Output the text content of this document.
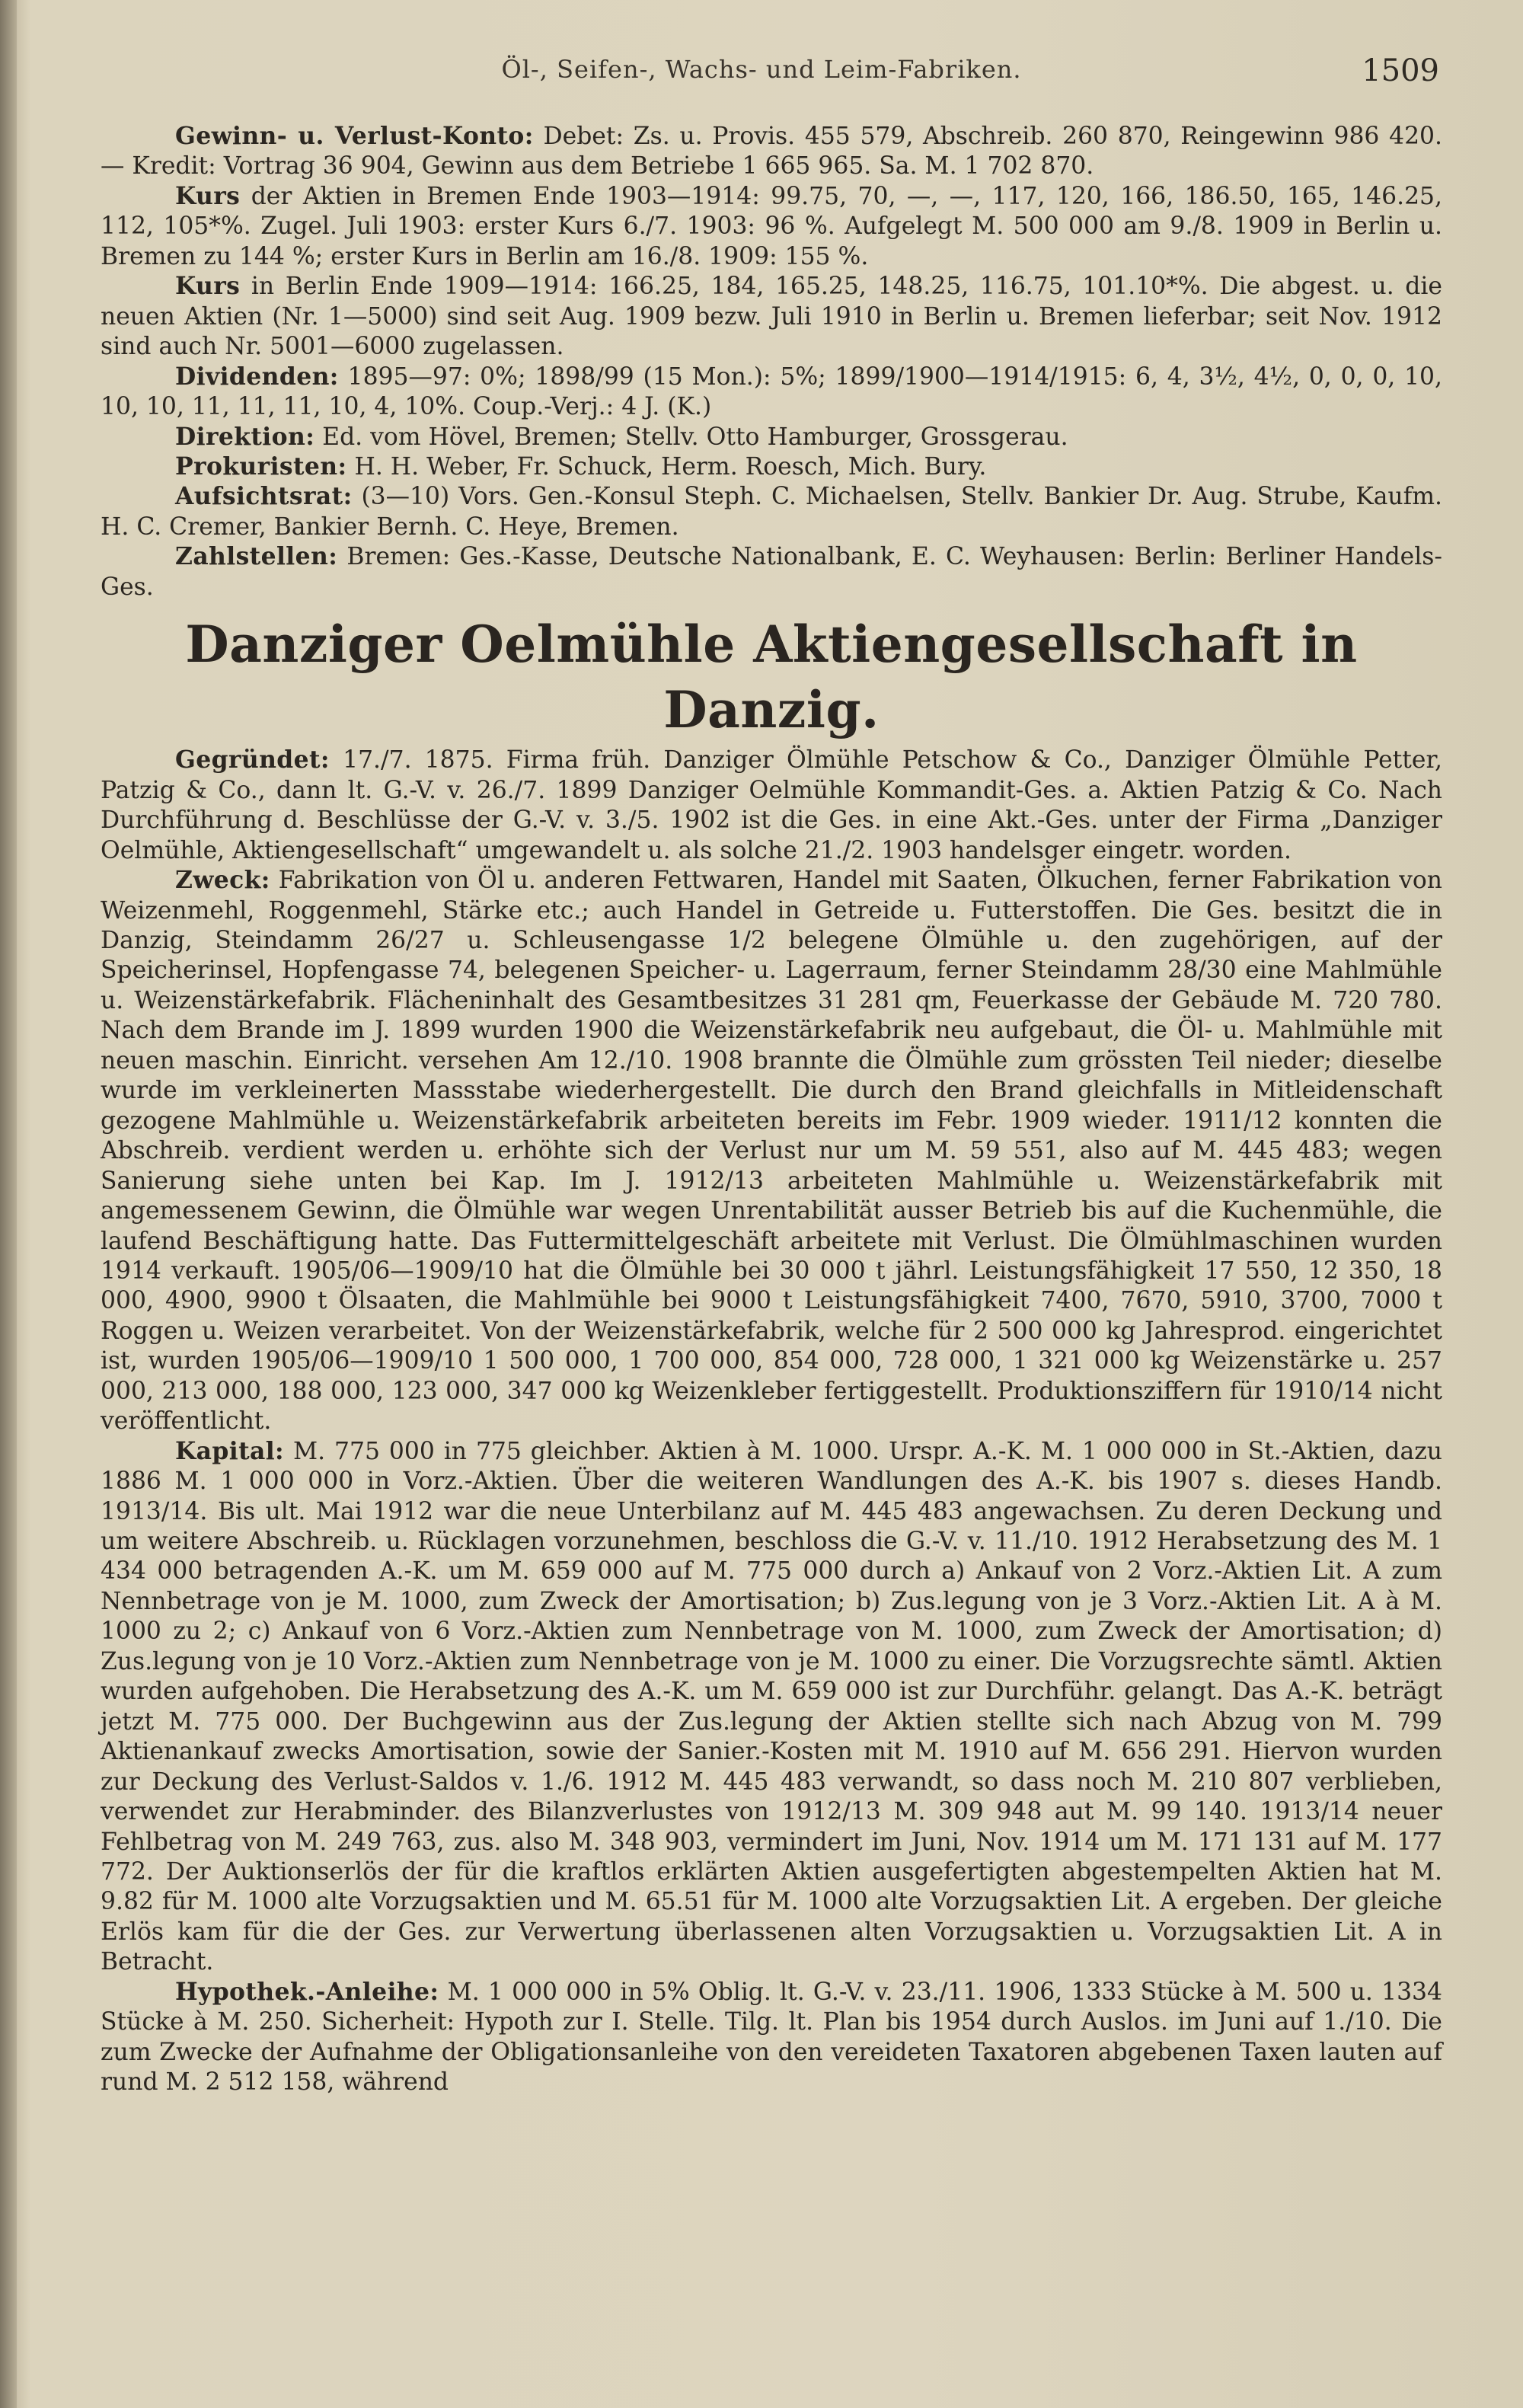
Öl-, Seifen-, Wachs- und Leim-Fabriken.	1509

Gewinn- u. Verlust-Konto: Debet: Zs. u. Provis. 455 579, Abschreib. 260 870, Reingewinn 986 420. — Kredit: Vortrag 36 904, Gewinn aus dem Betriebe 1 665 965. Sa. M. 1 702 870.

Kurs der Aktien in Bremen Ende 1903—1914: 99.75, 70, —, —, 117, 120, 166, 186.50, 165, 146.25, 112, 105*%. Zugel. Juli 1903: erster Kurs 6./7. 1903: 96 %. Aufgelegt M. 500 000 am 9./8. 1909 in Berlin u. Bremen zu 144 %; erster Kurs in Berlin am 16./8. 1909: 155 %.

Kurs in Berlin Ende 1909—1914: 166.25, 184, 165.25, 148.25, 116.75, 101.10*%. Die abgest. u. die neuen Aktien (Nr. 1—5000) sind seit Aug. 1909 bezw. Juli 1910 in Berlin u. Bremen lieferbar; seit Nov. 1912 sind auch Nr. 5001—6000 zugelassen.

Dividenden: 1895—97: 0%; 1898/99 (15 Mon.): 5%; 1899/1900—1914/1915: 6, 4, 3½, 4½, 0, 0, 0, 10, 10, 10, 11, 11, 11, 10, 4, 10%. Coup.-Verj.: 4 J. (K.)

Direktion: Ed. vom Hövel, Bremen; Stellv. Otto Hamburger, Grossgerau.

Prokuristen: H. H. Weber, Fr. Schuck, Herm. Roesch, Mich. Bury.

Aufsichtsrat: (3—10) Vors. Gen.-Konsul Steph. C. Michaelsen, Stellv. Bankier Dr. Aug. Strube, Kaufm. H. C. Cremer, Bankier Bernh. C. Heye, Bremen.

Zahlstellen: Bremen: Ges.-Kasse, Deutsche Nationalbank, E. C. Weyhausen: Berlin: Berliner Handels-Ges.

Danziger Oelmühle Aktiengesellschaft in Danzig.

Gegründet: 17./7. 1875. Firma früh. Danziger Ölmühle Petschow & Co., Danziger Ölmühle Petter, Patzig & Co., dann lt. G.-V. v. 26./7. 1899 Danziger Oelmühle Kommandit-Ges. a. Aktien Patzig & Co. Nach Durchführung d. Beschlüsse der G.-V. v. 3./5. 1902 ist die Ges. in eine Akt.-Ges. unter der Firma „Danziger Oelmühle, Aktiengesellschaft“ umgewandelt u. als solche 21./2. 1903 handelsger eingetr. worden.

Zweck: Fabrikation von Öl u. anderen Fettwaren, Handel mit Saaten, Ölkuchen, ferner Fabrikation von Weizenmehl, Roggenmehl, Stärke etc.; auch Handel in Getreide u. Futterstoffen. Die Ges. besitzt die in Danzig, Steindamm 26/27 u. Schleusengasse 1/2 belegene Ölmühle u. den zugehörigen, auf der Speicherinsel, Hopfengasse 74, belegenen Speicher- u. Lagerraum, ferner Steindamm 28/30 eine Mahlmühle u. Weizenstärkefabrik. Flächeninhalt des Gesamtbesitzes 31 281 qm, Feuerkasse der Gebäude M. 720 780. Nach dem Brande im J. 1899 wurden 1900 die Weizenstärkefabrik neu aufgebaut, die Öl- u. Mahlmühle mit neuen maschin. Einricht. versehen Am 12./10. 1908 brannte die Ölmühle zum grössten Teil nieder; dieselbe wurde im verkleinerten Massstabe wiederhergestellt. Die durch den Brand gleichfalls in Mitleidenschaft gezogene Mahlmühle u. Weizenstärkefabrik arbeiteten bereits im Febr. 1909 wieder. 1911/12 konnten die Abschreib. verdient werden u. erhöhte sich der Verlust nur um M. 59 551, also auf M. 445 483; wegen Sanierung siehe unten bei Kap. Im J. 1912/13 arbeiteten Mahlmühle u. Weizenstärkefabrik mit angemessenem Gewinn, die Ölmühle war wegen Unrentabilität ausser Betrieb bis auf die Kuchenmühle, die laufend Beschäftigung hatte. Das Futtermittelgeschäft arbeitete mit Verlust. Die Ölmühlmaschinen wurden 1914 verkauft. 1905/06—1909/10 hat die Ölmühle bei 30 000 t jährl. Leistungsfähigkeit 17 550, 12 350, 18 000, 4900, 9900 t Ölsaaten, die Mahlmühle bei 9000 t Leistungsfähigkeit 7400, 7670, 5910, 3700, 7000 t Roggen u. Weizen verarbeitet. Von der Weizenstärkefabrik, welche für 2 500 000 kg Jahresprod. eingerichtet ist, wurden 1905/06—1909/10 1 500 000, 1 700 000, 854 000, 728 000, 1 321 000 kg Weizenstärke u. 257 000, 213 000, 188 000, 123 000, 347 000 kg Weizenkleber fertiggestellt. Produktionsziffern für 1910/14 nicht veröffentlicht.

Kapital: M. 775 000 in 775 gleichber. Aktien à M. 1000. Urspr. A.-K. M. 1 000 000 in St.-Aktien, dazu 1886 M. 1 000 000 in Vorz.-Aktien. Über die weiteren Wandlungen des A.-K. bis 1907 s. dieses Handb. 1913/14. Bis ult. Mai 1912 war die neue Unterbilanz auf M. 445 483 angewachsen. Zu deren Deckung und um weitere Abschreib. u. Rücklagen vorzunehmen, beschloss die G.-V. v. 11./10. 1912 Herabsetzung des M. 1 434 000 betragenden A.-K. um M. 659 000 auf M. 775 000 durch a) Ankauf von 2 Vorz.-Aktien Lit. A zum Nennbetrage von je M. 1000, zum Zweck der Amortisation; b) Zus.legung von je 3 Vorz.-Aktien Lit. A à M. 1000 zu 2; c) Ankauf von 6 Vorz.-Aktien zum Nennbetrage von M. 1000, zum Zweck der Amortisation; d) Zus.legung von je 10 Vorz.-Aktien zum Nennbetrage von je M. 1000 zu einer. Die Vorzugsrechte sämtl. Aktien wurden aufgehoben. Die Herabsetzung des A.-K. um M. 659 000 ist zur Durchführ. gelangt. Das A.-K. beträgt jetzt M. 775 000. Der Buchgewinn aus der Zus.legung der Aktien stellte sich nach Abzug von M. 799 Aktienankauf zwecks Amortisation, sowie der Sanier.-Kosten mit M. 1910 auf M. 656 291. Hiervon wurden zur Deckung des Verlust-Saldos v. 1./6. 1912 M. 445 483 verwandt, so dass noch M. 210 807 verblieben, verwendet zur Herabminder. des Bilanzverlustes von 1912/13 M. 309 948 aut M. 99 140. 1913/14 neuer Fehlbetrag von M. 249 763, zus. also M. 348 903, vermindert im Juni, Nov. 1914 um M. 171 131 auf M. 177 772. Der Auktionserlös der für die kraftlos erklärten Aktien ausgefertigten abgestempelten Aktien hat M. 9.82 für M. 1000 alte Vorzugsaktien und M. 65.51 für M. 1000 alte Vorzugsaktien Lit. A ergeben. Der gleiche Erlös kam für die der Ges. zur Verwertung überlassenen alten Vorzugsaktien u. Vorzugsaktien Lit. A in Betracht.

Hypothek.-Anleihe: M. 1 000 000 in 5% Oblig. lt. G.-V. v. 23./11. 1906, 1333 Stücke à M. 500 u. 1334 Stücke à M. 250. Sicherheit: Hypoth zur I. Stelle. Tilg. lt. Plan bis 1954 durch Auslos. im Juni auf 1./10. Die zum Zwecke der Aufnahme der Obligationsanleihe von den vereideten Taxatoren abgebenen Taxen lauten auf rund M. 2 512 158, während
